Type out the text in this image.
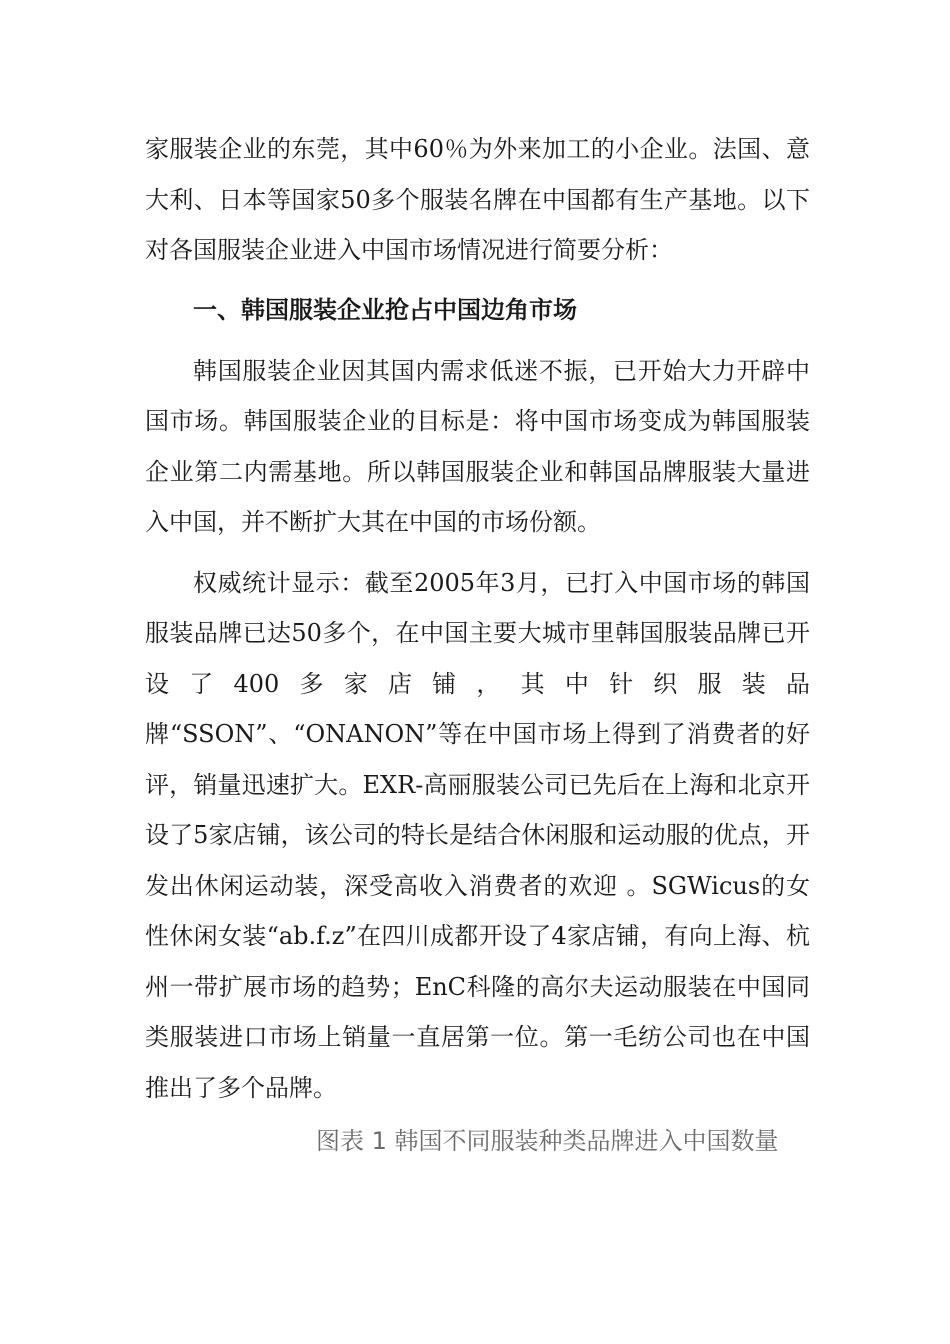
家服装企业的东莞，其中60％为外来加工的小企业。法国、意大利、日本等国家50多个服装名牌在中国都有生产基地。以下对各国服装企业进入中国市场情况进行简要分析：

一、韩国服装企业抢占中国边角市场

韩国服装企业因其国内需求低迷不振，已开始大力开辟中国市场。韩国服装企业的目标是：将中国市场变成为韩国服装企业第二内需基地。所以韩国服装企业和韩国品牌服装大量进入中国，并不断扩大其在中国的市场份额。

权威统计显示：截至2005年3月，已打入中国市场的韩国服装品牌已达50多个，在中国主要大城市里韩国服装品牌已开设了400多家店铺，其中针织服装品牌“SSON”、“ONANON”等在中国市场上得到了消费者的好评，销量迅速扩大。EXR-高丽服装公司已先后在上海和北京开设了5家店铺，该公司的特长是结合休闲服和运动服的优点，开发出休闲运动装，深受高收入消费者的欢迎 。SGWicus的女性休闲女装“ab.f.z”在四川成都开设了4家店铺，有向上海、杭州一带扩展市场的趋势；EnC科隆的高尔夫运动服装在中国同类服装进口市场上销量一直居第一位。第一毛纺公司也在中国推出了多个品牌。

图表 1 韩国不同服装种类品牌进入中国数量
